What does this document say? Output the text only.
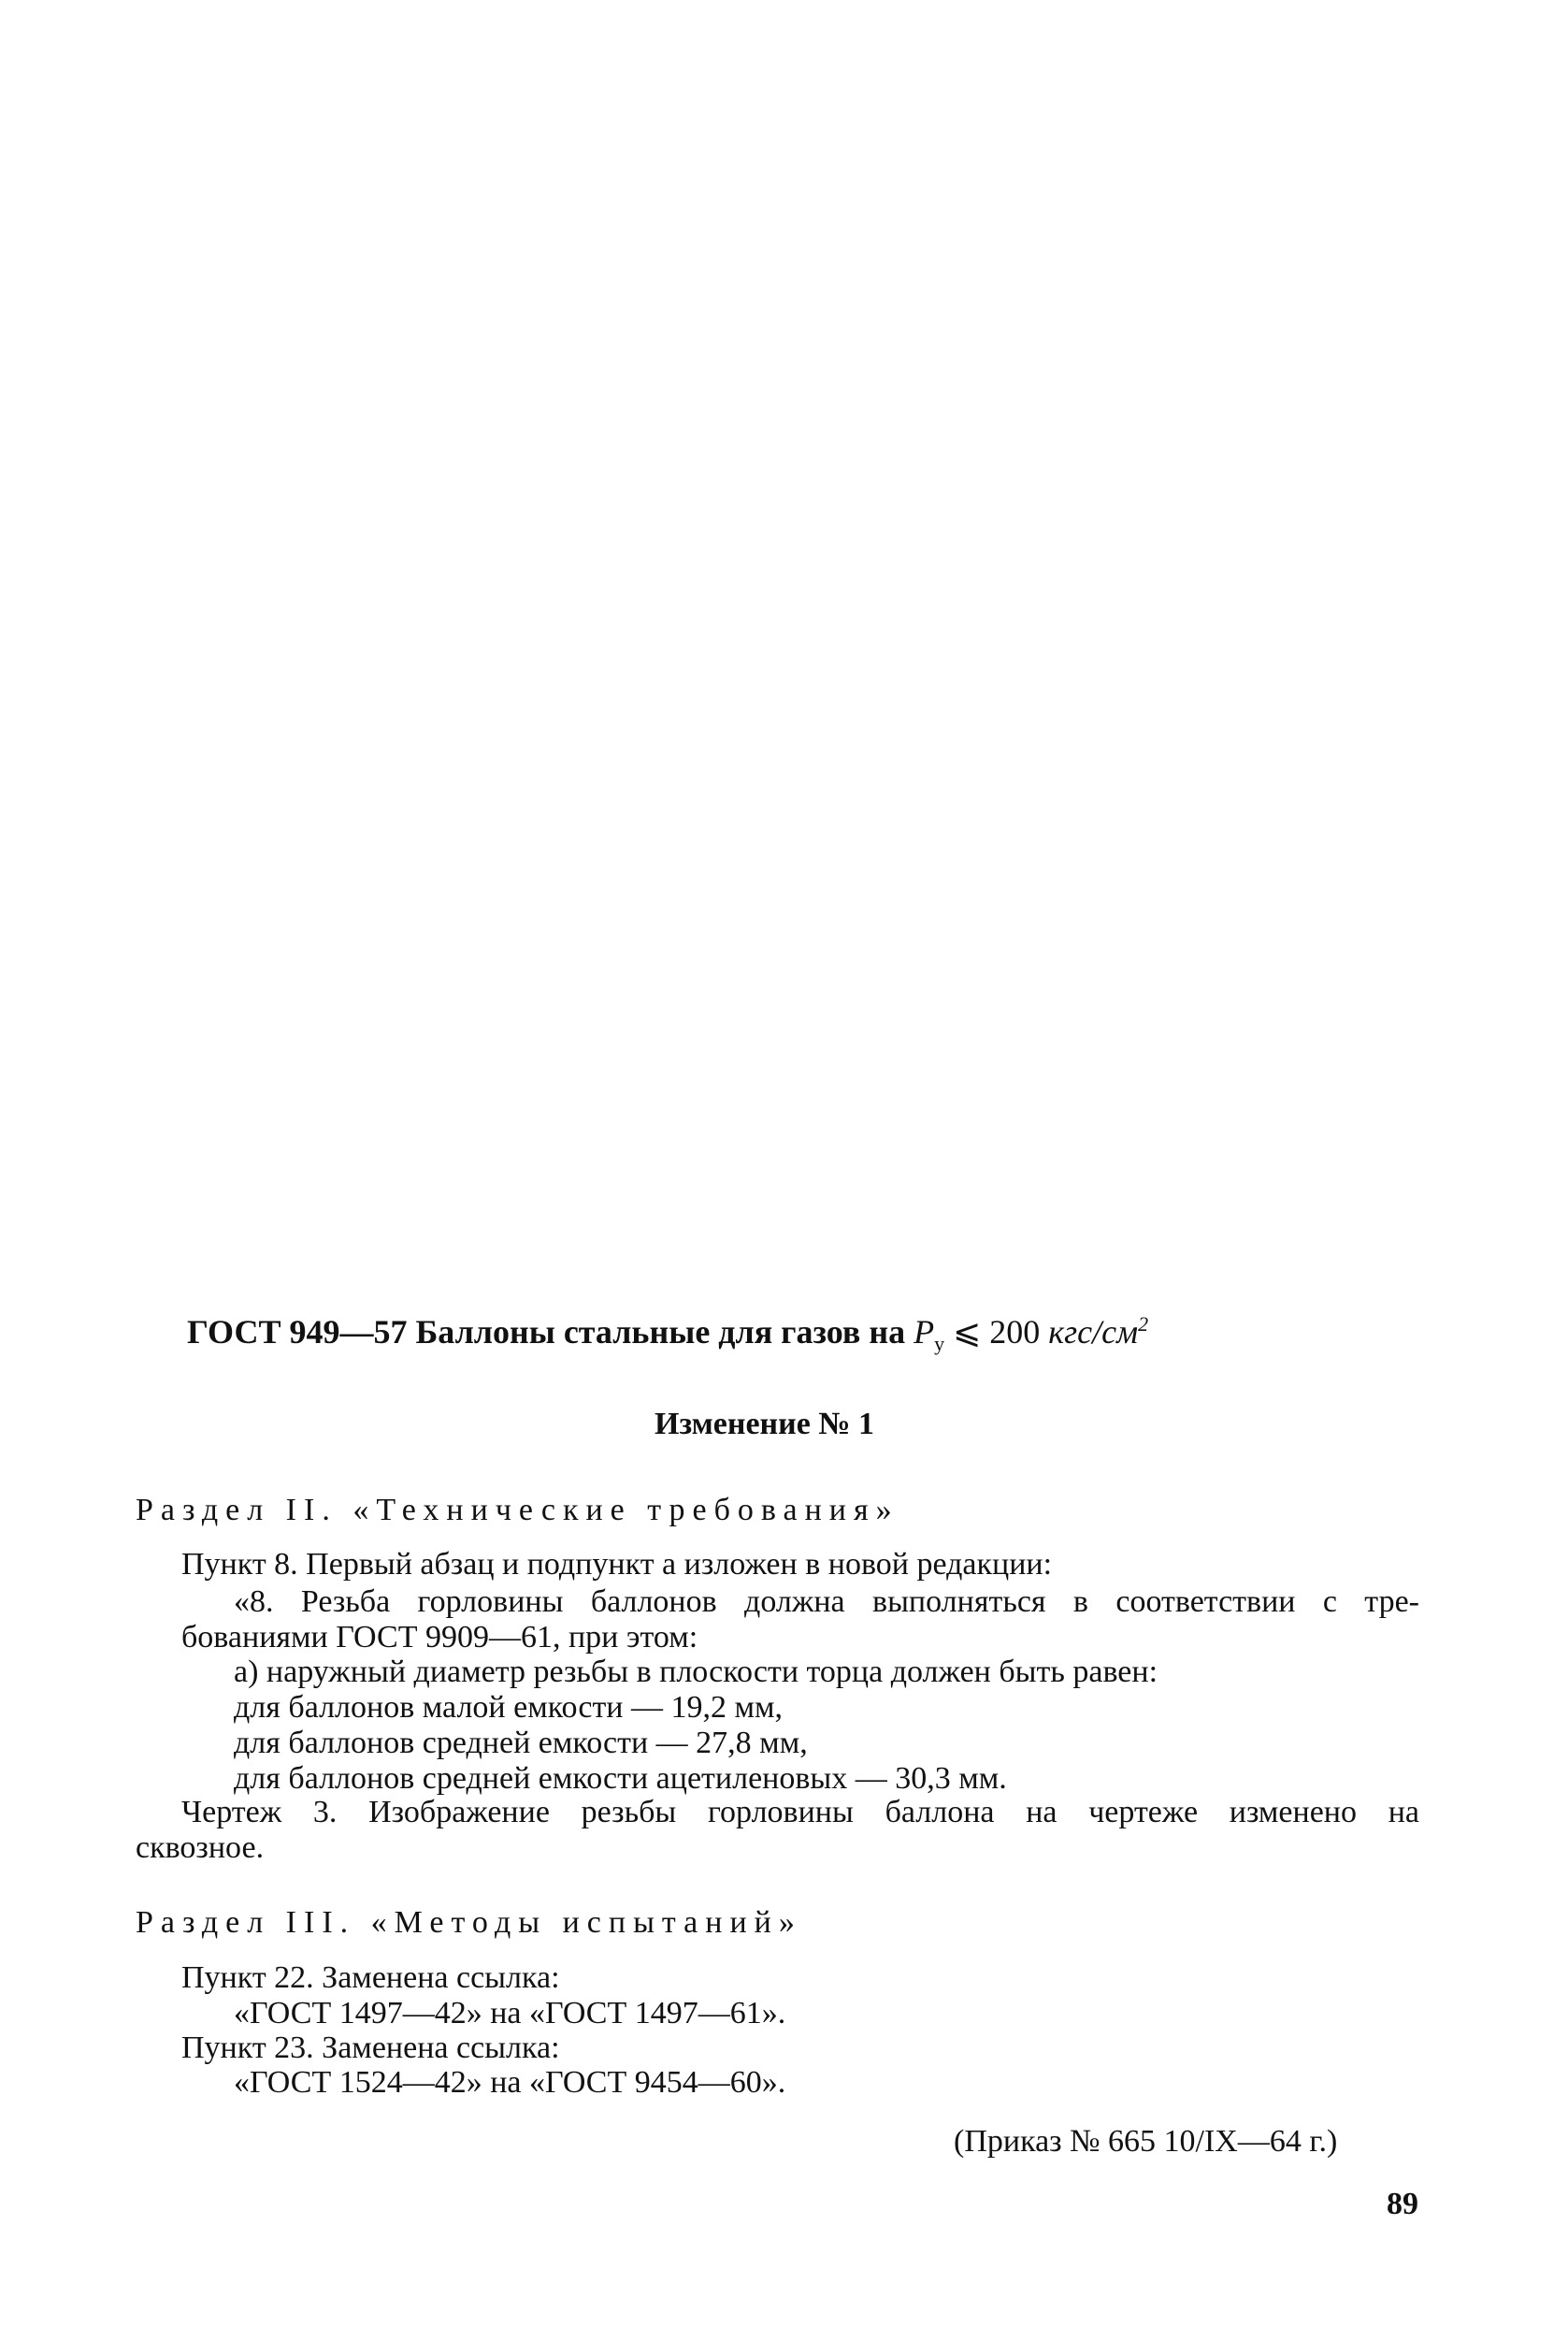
ГОСТ 949—57 Баллоны стальные для газов на $P_у$ ⩽ 200 кгс/$см^2$
Изменение № 1
Раздел II. «Технические требования»
Пункт 8. Первый абзац и подпункт a изложен в новой редакции:
«8. Резьба горловины баллонов должна выполняться в соответствии с тре-
бованиями ГОСТ 9909—61, при этом:
а) наружный диаметр резьбы в плоскости торца должен быть равен:
для баллонов малой емкости — 19,2 мм,
для баллонов средней емкости — 27,8 мм,
для баллонов средней емкости ацетиленовых — 30,3 мм.
Чертеж 3. Изображение резьбы горловины баллона на чертеже изменено на
сквозное.
Раздел III. «Методы испытаний»
Пункт 22. Заменена ссылка:
«ГОСТ 1497—42» на «ГОСТ 1497—61».
Пункт 23. Заменена ссылка:
«ГОСТ 1524—42» на «ГОСТ 9454—60».
(Приказ № 665 10/IX—64 г.)
89
